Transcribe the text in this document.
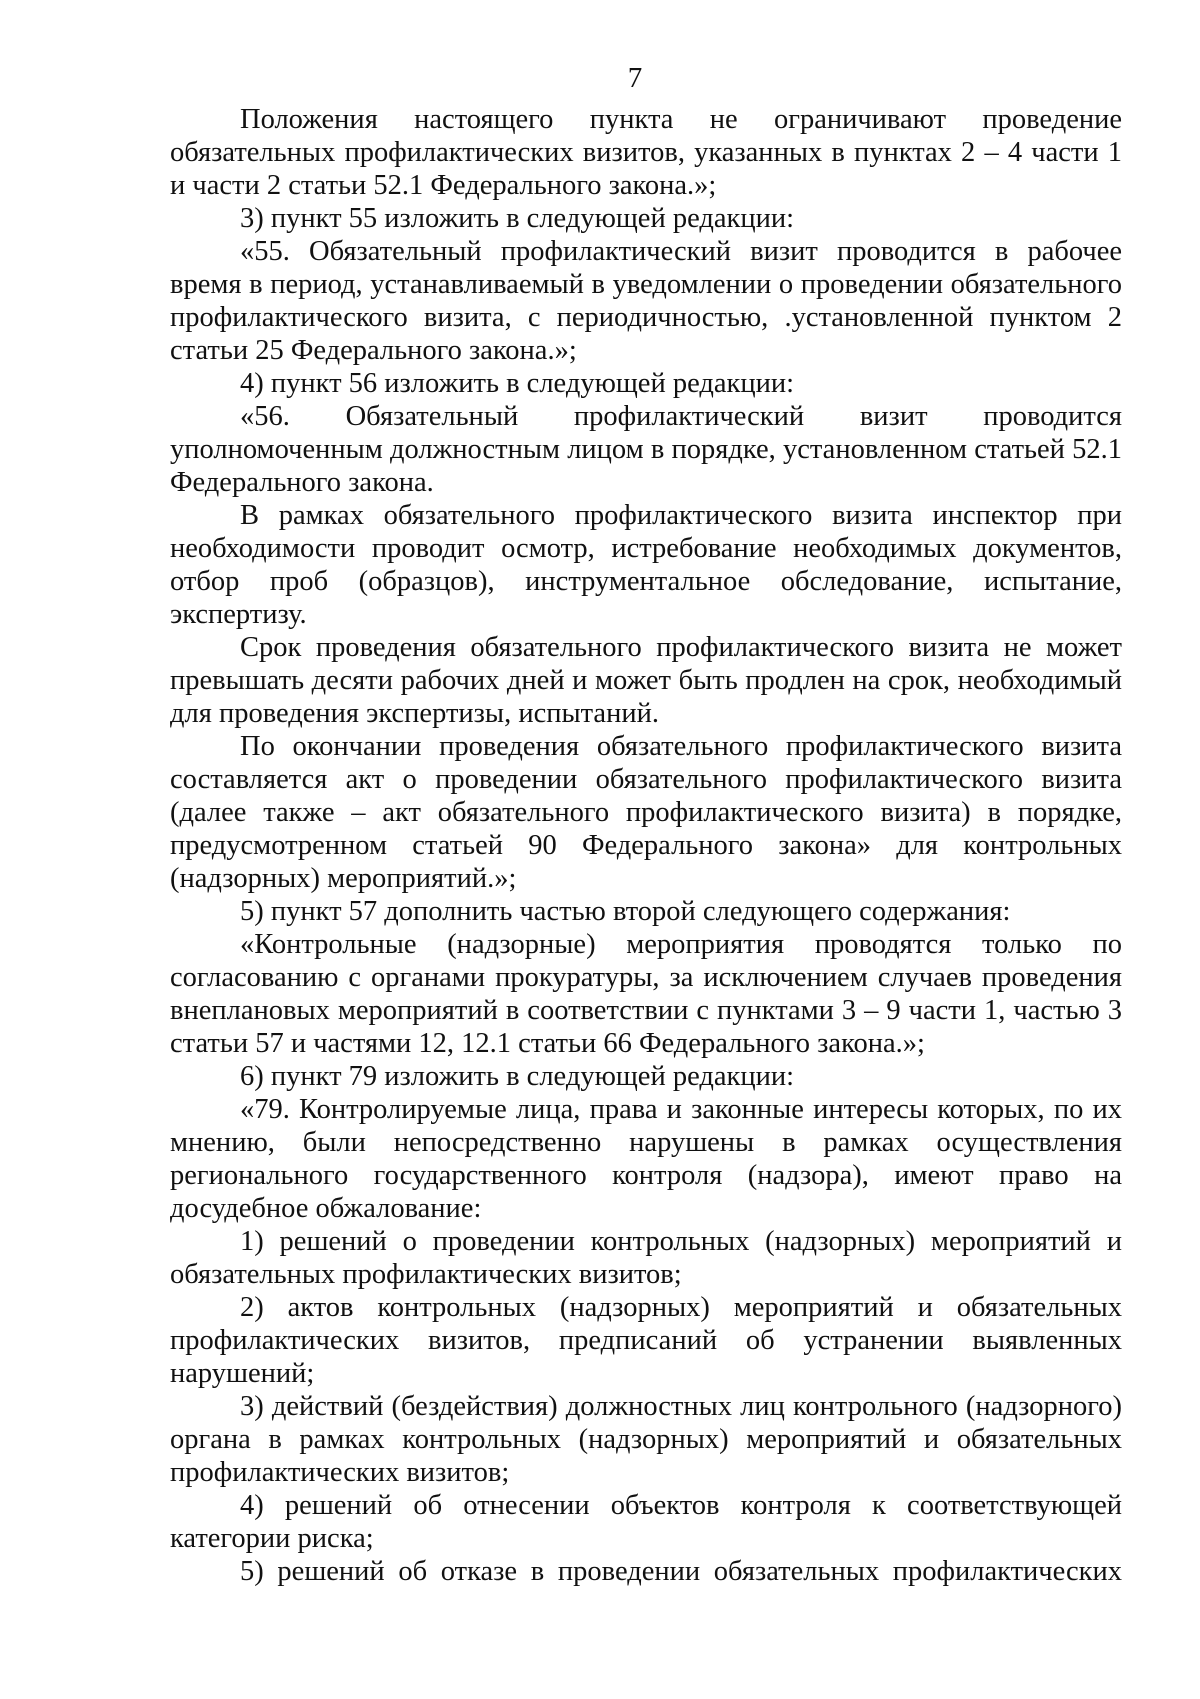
7

Положения настоящего пункта не ограничивают проведение обязательных профилактических визитов, указанных в пунктах 2 – 4 части 1 и части 2 статьи 52.1 Федерального закона.»;

3) пункт 55 изложить в следующей редакции:

«55. Обязательный профилактический визит проводится в рабочее время в период, устанавливаемый в уведомлении о проведении обязательного профилактического визита, с периодичностью, .установленной пунктом 2 статьи 25 Федерального закона.»;

4) пункт 56 изложить в следующей редакции:

«56. Обязательный профилактический визит проводится уполномоченным должностным лицом в порядке, установленном статьей 52.1 Федерального закона.

В рамках обязательного профилактического визита инспектор при необходимости проводит осмотр, истребование необходимых документов, отбор проб (образцов), инструментальное обследование, испытание, экспертизу.

Срок проведения обязательного профилактического визита не может превышать десяти рабочих дней и может быть продлен на срок, необходимый для проведения экспертизы, испытаний.

По окончании проведения обязательного профилактического визита составляется акт о проведении обязательного профилактического визита (далее также – акт обязательного профилактического визита) в порядке, предусмотренном статьей 90 Федерального закона» для контрольных (надзорных) мероприятий.»;

5) пункт 57 дополнить частью второй следующего содержания:

«Контрольные (надзорные) мероприятия проводятся только по согласованию с органами прокуратуры, за исключением случаев проведения внеплановых мероприятий в соответствии с пунктами 3 – 9 части 1, частью 3 статьи 57 и частями 12, 12.1 статьи 66 Федерального закона.»;

6) пункт 79 изложить в следующей редакции:

«79. Контролируемые лица, права и законные интересы которых, по их мнению, были непосредственно нарушены в рамках осуществления регионального государственного контроля (надзора), имеют право на досудебное обжалование:

1) решений о проведении контрольных (надзорных) мероприятий и обязательных профилактических визитов;

2) актов контрольных (надзорных) мероприятий и обязательных профилактических визитов, предписаний об устранении выявленных нарушений;

3) действий (бездействия) должностных лиц контрольного (надзорного) органа в рамках контрольных (надзорных) мероприятий и обязательных профилактических визитов;

4) решений об отнесении объектов контроля к соответствующей категории риска;

5) решений об отказе в проведении обязательных профилактических
